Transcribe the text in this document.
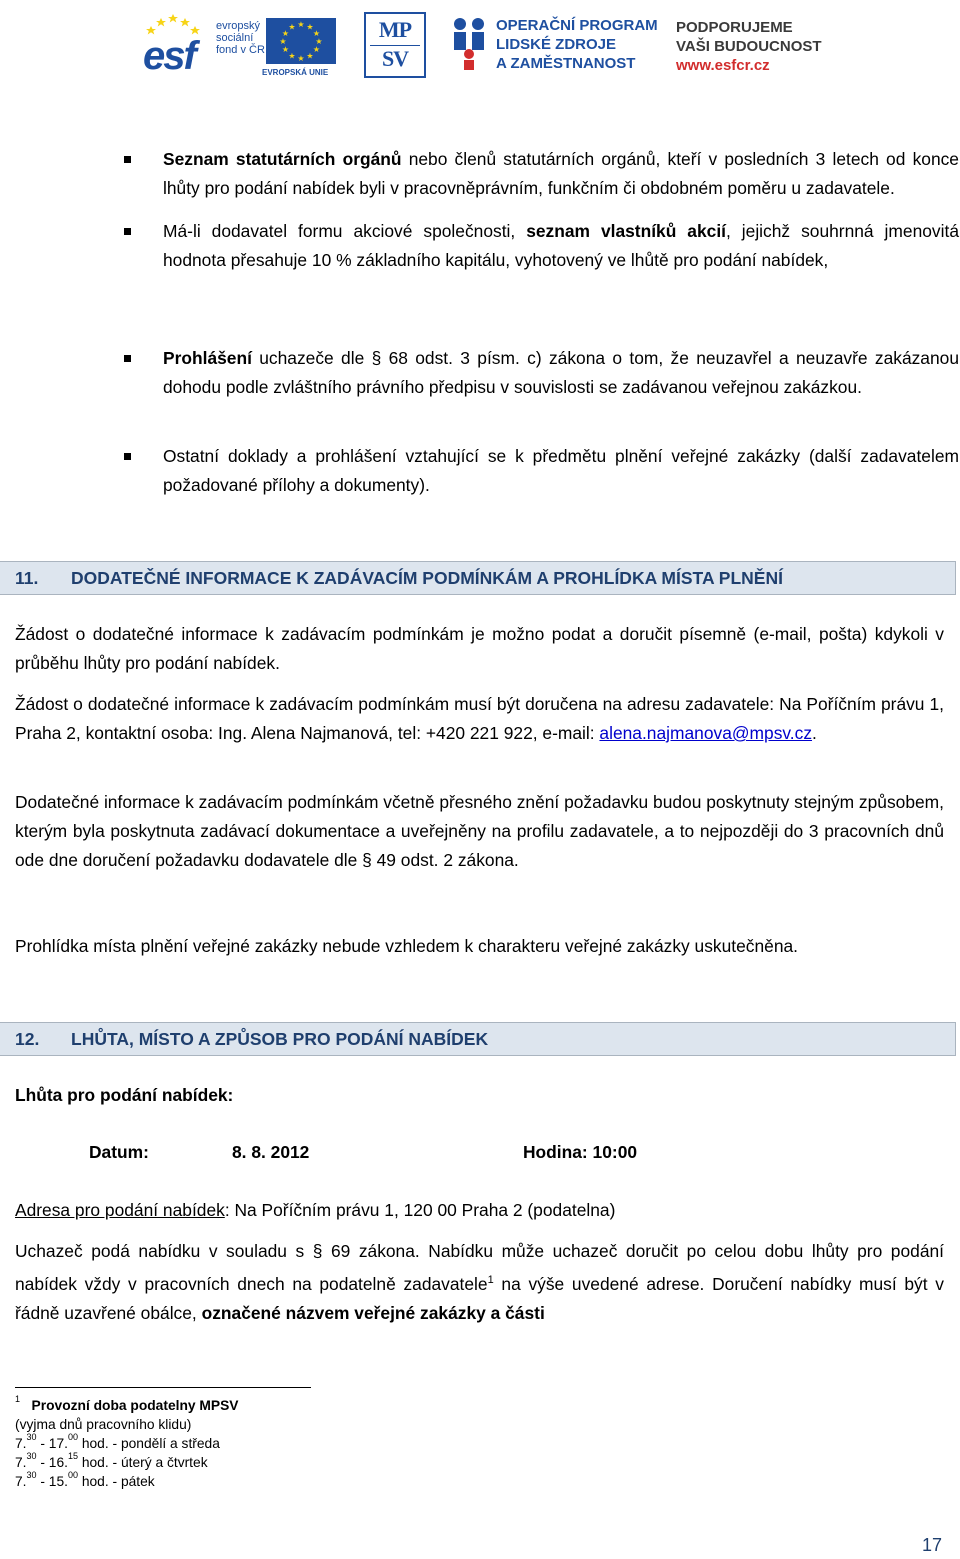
esf
evropský
sociální
fond v ČR
★ ★
★
★
★
★
★
★
★
★
★
★
EVROPSKÁ UNIE
MP
SV
OPERAČNÍ PROGRAM
LIDSKÉ ZDROJE
A ZAMĚSTNANOST
PODPORUJEME
VAŠI BUDOUCNOST
www.esfcr.cz
Seznam statutárních orgánů nebo členů statutárních orgánů, kteří v posledních 3 letech od konce lhůty pro podání nabídek byli v pracovněprávním, funkčním či obdobném poměru u zadavatele.
Má-li dodavatel formu akciové společnosti, seznam vlastníků akcií, jejichž souhrnná jmenovitá hodnota přesahuje 10 % základního kapitálu, vyhotovený ve lhůtě pro podání nabídek,
Prohlášení uchazeče dle § 68 odst. 3 písm. c) zákona o tom, že neuzavřel a neuzavře zakázanou dohodu podle zvláštního právního předpisu v souvislosti se zadávanou veřejnou zakázkou.
Ostatní doklady a prohlášení vztahující se k předmětu plnění veřejné zakázky (další zadavatelem požadované přílohy a dokumenty).
11. DODATEČNÉ INFORMACE K ZADÁVACÍM PODMÍNKÁM A PROHLÍDKA MÍSTA PLNĚNÍ
Žádost o dodatečné informace k zadávacím podmínkám je možno podat a doručit písemně (e-mail, pošta) kdykoli v průběhu lhůty pro podání nabídek.
Žádost o dodatečné informace k zadávacím podmínkám musí být doručena na adresu zadavatele: Na Poříčním právu 1, Praha 2, kontaktní osoba: Ing. Alena Najmanová, tel: +420 221 922, e-mail: alena.najmanova@mpsv.cz.
Dodatečné informace k zadávacím podmínkám včetně přesného znění požadavku budou poskytnuty stejným způsobem, kterým byla poskytnuta zadávací dokumentace a uveřejněny na profilu zadavatele, a to nejpozději do 3 pracovních dnů ode dne doručení požadavku dodavatele dle § 49 odst. 2 zákona.
Prohlídka místa plnění veřejné zakázky nebude vzhledem k charakteru veřejné zakázky uskutečněna.
12. LHŮTA, MÍSTO A ZPŮSOB PRO PODÁNÍ NABÍDEK
Lhůta pro podání nabídek:
Datum:	8. 8. 2012	Hodina: 10:00
Adresa pro podání nabídek: Na Poříčním právu 1, 120 00 Praha 2 (podatelna)
Uchazeč podá nabídku v souladu s § 69 zákona. Nabídku může uchazeč doručit po celou dobu lhůty pro podání nabídek vždy v pracovních dnech na podatelně zadavatele$^1$ na výše uvedené adrese. Doručení nabídky musí být v řádně uzavřené obálce, označené názvem veřejné zakázky a části
$^1$ Provozní doba podatelny MPSV
(vyjma dnů pracovního klidu)
7.30 - 17.00 hod. - pondělí a středa
7.30 - 16.15 hod. - úterý a čtvrtek
7.30 - 15.00 hod. - pátek
17
